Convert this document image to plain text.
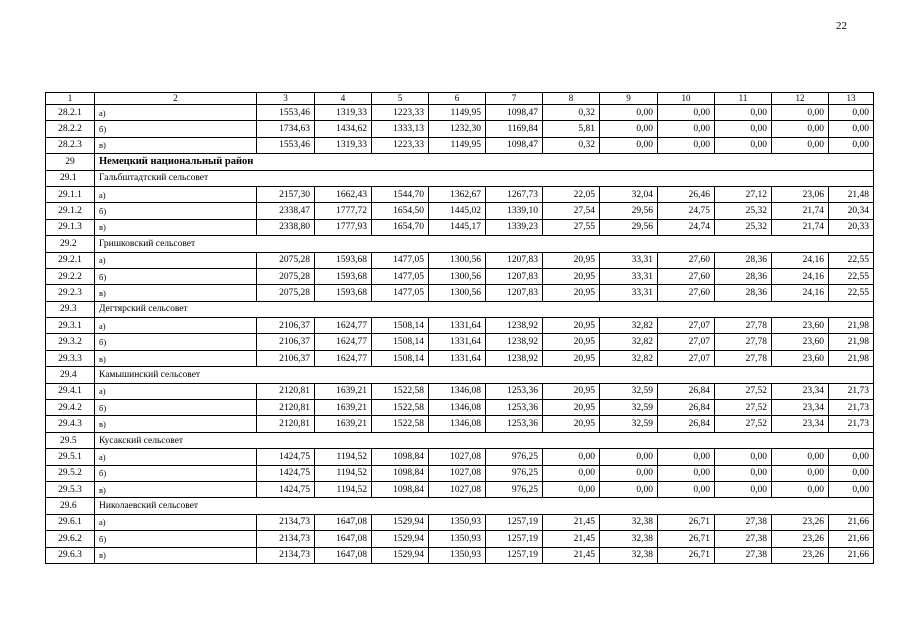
22
1	2	3	4	5	6	7	8	9	10	11	12	13
28.2.1	а)	1553,46	1319,33	1223,33	1149,95	1098,47	0,32	0,00	0,00	0,00	0,00	0,00
28.2.2	б)	1734,63	1434,62	1333,13	1232,30	1169,84	5,81	0,00	0,00	0,00	0,00	0,00
28.2.3	в)	1553,46	1319,33	1223,33	1149,95	1098,47	0,32	0,00	0,00	0,00	0,00	0,00
29	Немецкий национальный район											
29.1	Гальбштадтский сельсовет											
29.1.1	а)	2157,30	1662,43	1544,70	1362,67	1267,73	22,05	32,04	26,46	27,12	23,06	21,48
29.1.2	б)	2338,47	1777,72	1654,50	1445,02	1339,10	27,54	29,56	24,75	25,32	21,74	20,34
29.1.3	в)	2338,80	1777,93	1654,70	1445,17	1339,23	27,55	29,56	24,74	25,32	21,74	20,33
29.2	Гришковский сельсовет											
29.2.1	а)	2075,28	1593,68	1477,05	1300,56	1207,83	20,95	33,31	27,60	28,36	24,16	22,55
29.2.2	б)	2075,28	1593,68	1477,05	1300,56	1207,83	20,95	33,31	27,60	28,36	24,16	22,55
29.2.3	в)	2075,28	1593,68	1477,05	1300,56	1207,83	20,95	33,31	27,60	28,36	24,16	22,55
29.3	Дегтярский сельсовет											
29.3.1	а)	2106,37	1624,77	1508,14	1331,64	1238,92	20,95	32,82	27,07	27,78	23,60	21,98
29.3.2	б)	2106,37	1624,77	1508,14	1331,64	1238,92	20,95	32,82	27,07	27,78	23,60	21,98
29.3.3	в)	2106,37	1624,77	1508,14	1331,64	1238,92	20,95	32,82	27,07	27,78	23,60	21,98
29.4	Камышинский сельсовет											
29.4.1	а)	2120,81	1639,21	1522,58	1346,08	1253,36	20,95	32,59	26,84	27,52	23,34	21,73
29.4.2	б)	2120,81	1639,21	1522,58	1346,08	1253,36	20,95	32,59	26,84	27,52	23,34	21,73
29.4.3	в)	2120,81	1639,21	1522,58	1346,08	1253,36	20,95	32,59	26,84	27,52	23,34	21,73
29.5	Кусакский сельсовет											
29.5.1	а)	1424,75	1194,52	1098,84	1027,08	976,25	0,00	0,00	0,00	0,00	0,00	0,00
29.5.2	б)	1424,75	1194,52	1098,84	1027,08	976,25	0,00	0,00	0,00	0,00	0,00	0,00
29.5.3	в)	1424,75	1194,52	1098,84	1027,08	976,25	0,00	0,00	0,00	0,00	0,00	0,00
29.6	Николаевский сельсовет											
29.6.1	а)	2134,73	1647,08	1529,94	1350,93	1257,19	21,45	32,38	26,71	27,38	23,26	21,66
29.6.2	б)	2134,73	1647,08	1529,94	1350,93	1257,19	21,45	32,38	26,71	27,38	23,26	21,66
29.6.3	в)	2134,73	1647,08	1529,94	1350,93	1257,19	21,45	32,38	26,71	27,38	23,26	21,66
